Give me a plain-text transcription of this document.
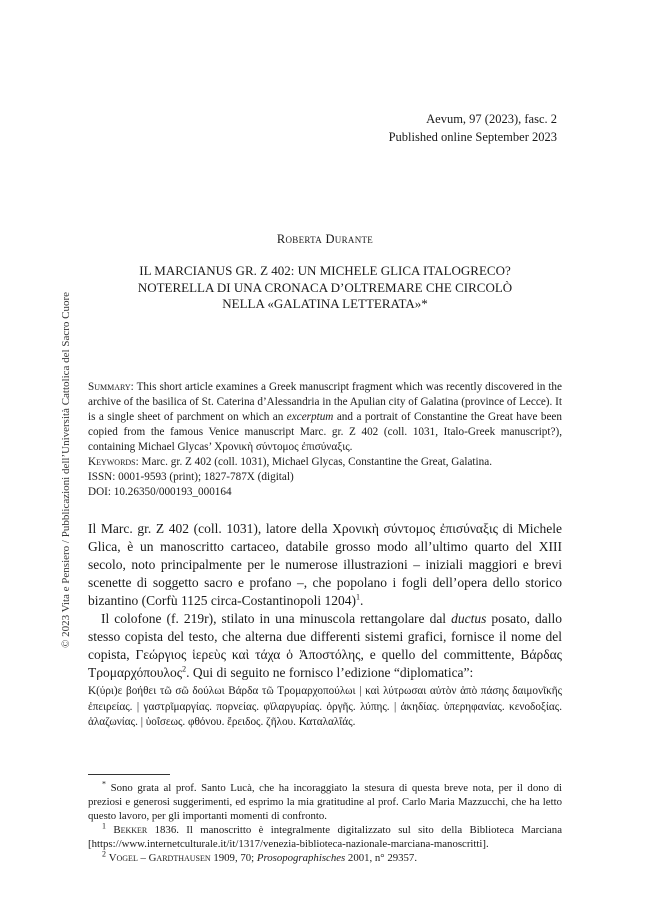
© 2023 Vita e Pensiero / Pubblicazioni dell’Università Cattolica del Sacro Cuore
Aevum, 97 (2023), fasc. 2
Published online September 2023
Roberta Durante
IL MARCIANUS GR. Z 402: UN MICHELE GLICA ITALOGRECO?
NOTERELLA DI UNA CRONACA D’OLTREMARE CHE CIRCOLÒ
NELLA «GALATINA LETTERATA»*
Summary: This short article examines a Greek manuscript fragment which was recently discovered in the archive of the basilica of St. Caterina d’Alessandria in the Apulian city of Galatina (province of Lecce). It is a single sheet of parchment on which an excerptum and a portrait of Constantine the Great have been copied from the famous Venice manuscript Marc. gr. Z 402 (coll. 1031, Italo-Greek manuscript?), containing Michael Glycas’ Χρονικὴ σύντομος ἐπισύναξις.
Keywords: Marc. gr. Z 402 (coll. 1031), Michael Glycas, Constantine the Great, Galatina.
ISSN: 0001-9593 (print); 1827-787X (digital)
DOI: 10.26350/000193_000164

Il Marc. gr. Z 402 (coll. 1031), latore della Χρονικὴ σύντομος ἐπισύναξις di Michele Glica, è un manoscritto cartaceo, databile grosso modo all’ultimo quarto del XIII secolo, noto principalmente per le numerose illustrazioni – iniziali maggiori e brevi scenette di soggetto sacro e profano –, che popolano i fogli dell’opera dello storico bizantino (Corfù 1125 circa-Costantinopoli 1204)$^1$.

Il colofone (f. 219r), stilato in una minuscola rettangolare dal ductus posato, dallo stesso copista del testo, che alterna due differenti sistemi grafici, fornisce il nome del copista, Γεώργιος ἱερεὺς καὶ τάχα ὁ Ἀποστόλης, e quello del committente, Βάρδας Τρομαρχόπουλος$^2$. Qui di seguito ne fornisco l’edizione “diplomatica”:

Κ(ύρι)ε βοήθει τῶ σῶ δούλωι Βάρδα τῶ Τρομαρχοπούλωι | καὶ λύτρωσαι αὐτὸν ἀπὸ πάσης δαιμονῖκῆς ἐπειρείας. | γαστρῖμαργίας. πορνείας. φϊλαργυρίας. ὀργῆς. λύπης. | ἀκηδίας. ὑπερηφανίας. κενοδοξίας. ἀλαζωνίας. | ὑοΐσεως. φθόνου. ἔρειδος. ζῆλου. Καταλαλΐάς.

* Sono grata al prof. Santo Lucà, che ha incoraggiato la stesura di questa breve nota, per il dono di preziosi e generosi suggerimenti, ed esprimo la mia gratitudine al prof. Carlo Maria Mazzucchi, che ha letto questo lavoro, per gli importanti momenti di confronto.

$^1$ Bekker 1836. Il manoscritto è integralmente digitalizzato sul sito della Biblioteca Marciana [https://www.internetculturale.it/it/1317/venezia-biblioteca-nazionale-marciana-manoscritti].

$^2$ Vogel – Gardthausen 1909, 70; Prosopographisches 2001, n° 29357.
